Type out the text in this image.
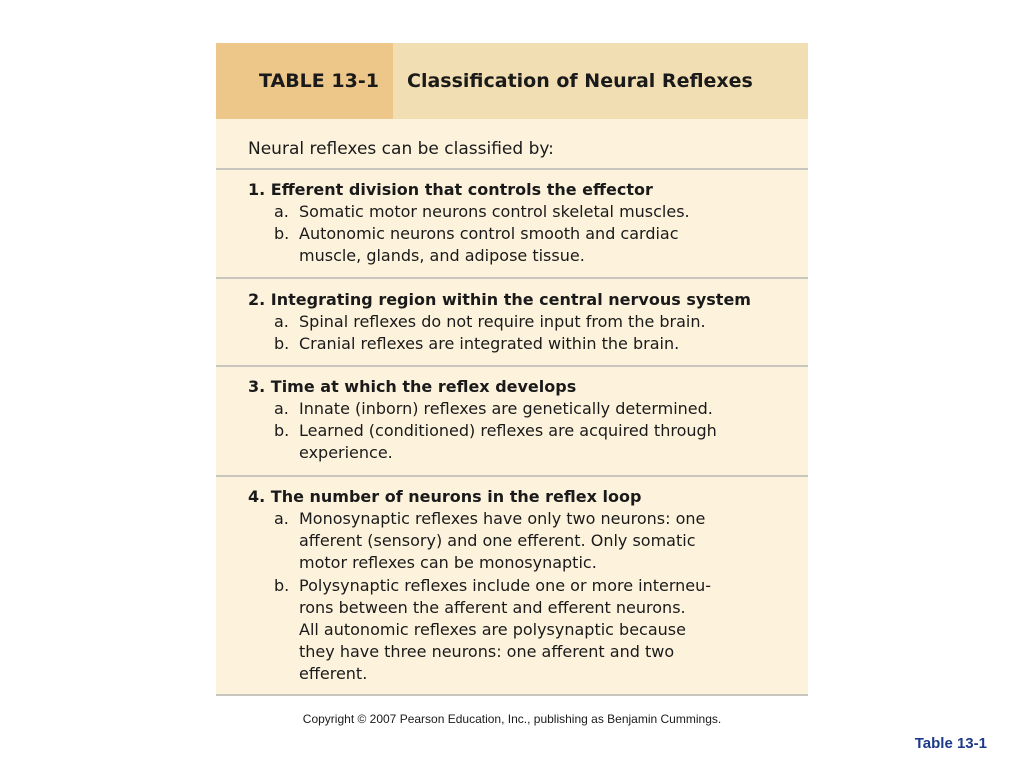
TABLE 13-1 Classification of Neural Reflexes
Neural reflexes can be classified by:
1. Efferent division that controls the effector
a. Somatic motor neurons control skeletal muscles.
b. Autonomic neurons control smooth and cardiac
muscle, glands, and adipose tissue.
2. Integrating region within the central nervous system
a. Spinal reflexes do not require input from the brain.
b. Cranial reflexes are integrated within the brain.
3. Time at which the reflex develops
a. Innate (inborn) reflexes are genetically determined.
b. Learned (conditioned) reflexes are acquired through
experience.
4. The number of neurons in the reflex loop
a. Monosynaptic reflexes have only two neurons: one
afferent (sensory) and one efferent. Only somatic
motor reflexes can be monosynaptic.
b. Polysynaptic reflexes include one or more interneu-
rons between the afferent and efferent neurons.
All autonomic reflexes are polysynaptic because
they have three neurons: one afferent and two
efferent.
Copyright © 2007 Pearson Education, Inc., publishing as Benjamin Cummings.
Table 13-1
